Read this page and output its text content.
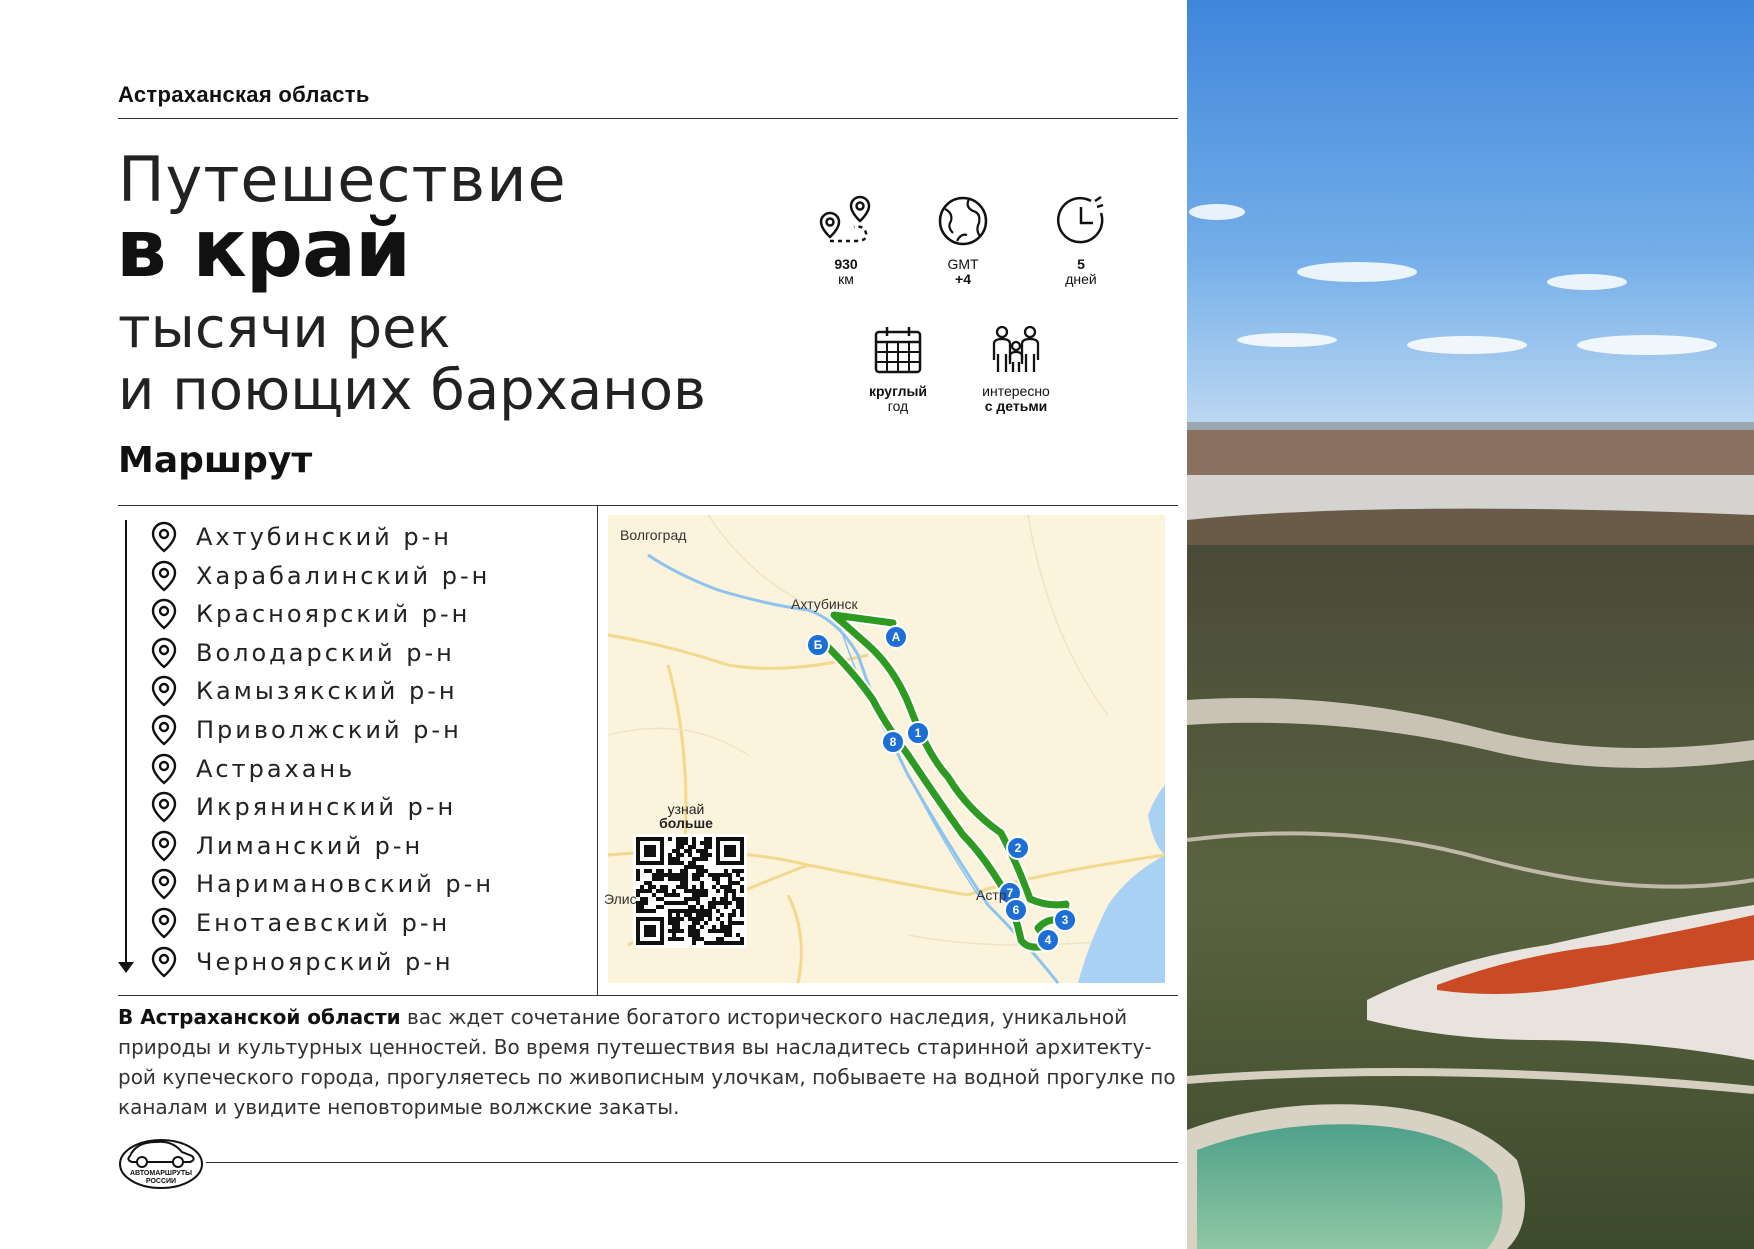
Астраханская область
Путешествие
в край
тысячи рек
и поющих барханов
930
км
GMT
+4
5
дней
круглый
год
интересно
с детьми
Маршрут
Ахтубинский р-н
Харабалинский р-н
Красноярский р-н
Володарский р-н
Камызякский р-н
Приволжский р-н
Астрахань
Икрянинский р-н
Лиманский р-н
Наримановский р-н
Енотаевский р-н
Черноярский р-н
А
Б
1
8
2
7
6
3
4
Волгоград
Ахтубинск
Астр
Элис
узнай
больше
В Астраханской области вас ждет сочетание богатого исторического наследия, уникальной природы и культурных ценностей. Во время путешествия вы насладитесь старинной архитектурой купеческого города, прогуляетесь по живописным улочкам, побываете на водной прогулке по каналам и увидите неповторимые волжские закаты.
АВТОМАРШРУТЫ РОССИИ
